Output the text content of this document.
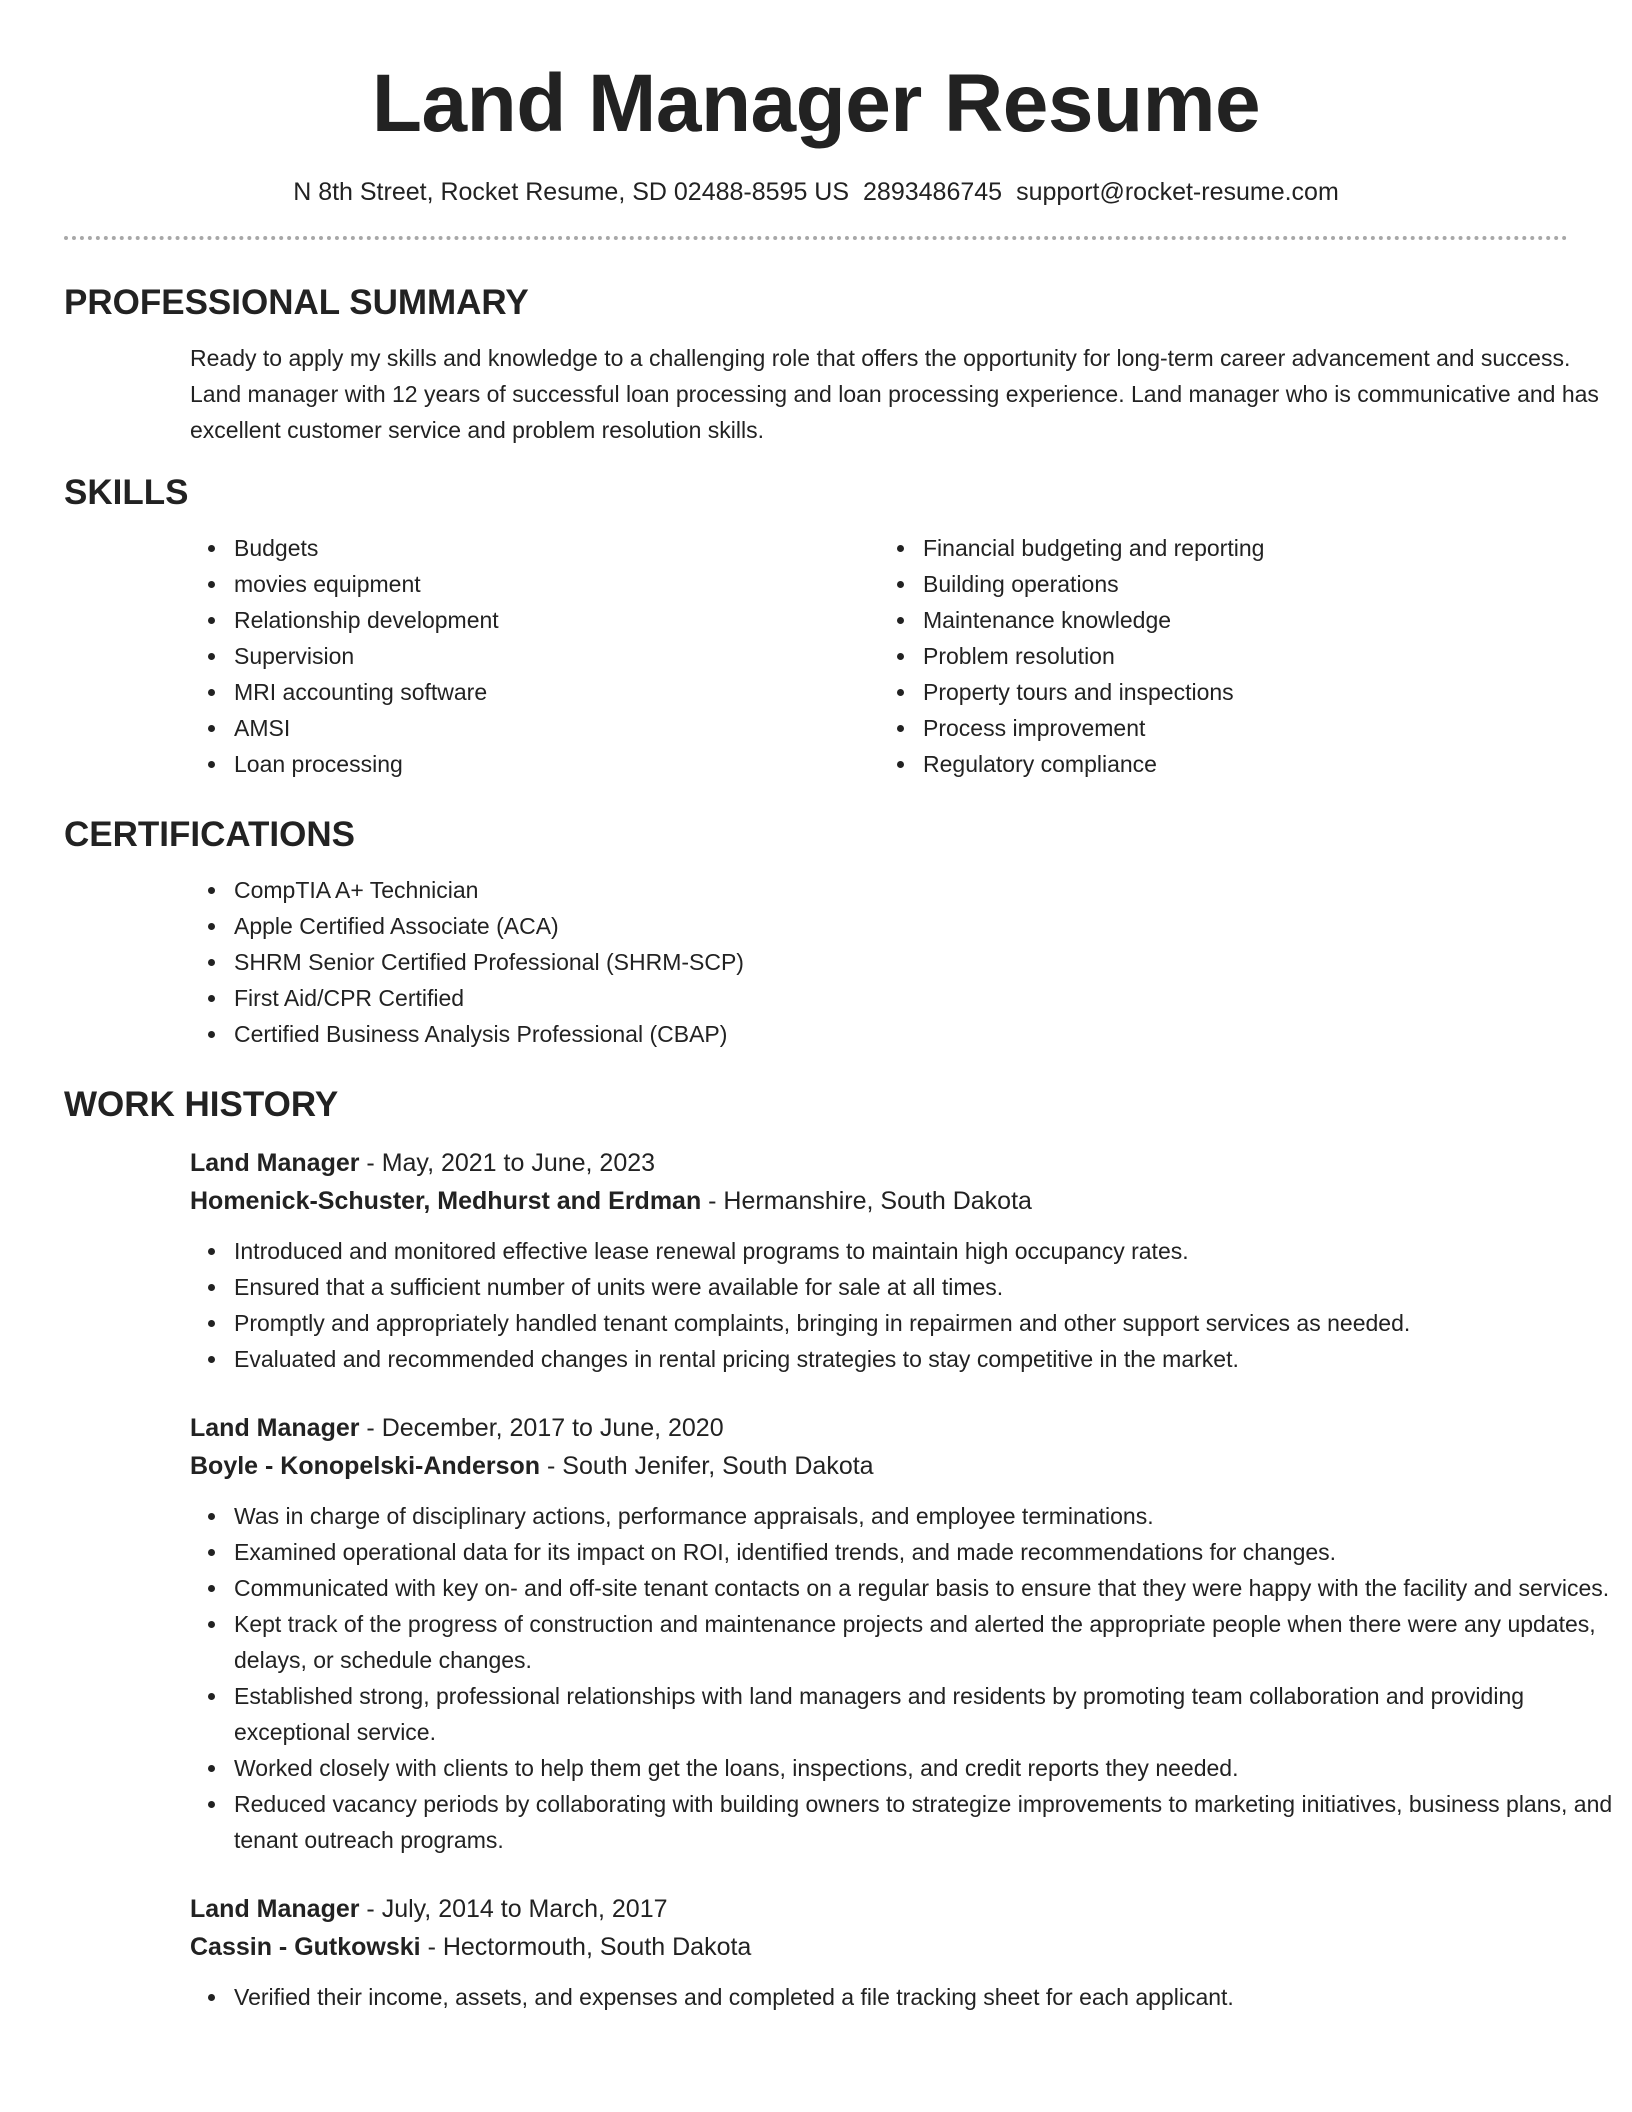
Land Manager Resume
N 8th Street, Rocket Resume, SD 02488-8595 US 2893486745 support@rocket-resume.com
PROFESSIONAL SUMMARY

Ready to apply my skills and knowledge to a challenging role that offers the opportunity for long-term career advancement and success. Land manager with 12 years of successful loan processing and loan processing experience. Land manager who is communicative and has excellent customer service and problem resolution skills.

SKILLS
Budgets
movies equipment
Relationship development
Supervision
MRI accounting software
AMSI
Loan processing
Financial budgeting and reporting
Building operations
Maintenance knowledge
Problem resolution
Property tours and inspections
Process improvement
Regulatory compliance
CERTIFICATIONS
CompTIA A+ Technician
Apple Certified Associate (ACA)
SHRM Senior Certified Professional (SHRM-SCP)
First Aid/CPR Certified
Certified Business Analysis Professional (CBAP)
WORK HISTORY
Land Manager - May, 2021 to June, 2023
Homenick-Schuster, Medhurst and Erdman - Hermanshire, South Dakota
Introduced and monitored effective lease renewal programs to maintain high occupancy rates.
Ensured that a sufficient number of units were available for sale at all times.
Promptly and appropriately handled tenant complaints, bringing in repairmen and other support services as needed.
Evaluated and recommended changes in rental pricing strategies to stay competitive in the market.
Land Manager - December, 2017 to June, 2020
Boyle - Konopelski-Anderson - South Jenifer, South Dakota
Was in charge of disciplinary actions, performance appraisals, and employee terminations.
Examined operational data for its impact on ROI, identified trends, and made recommendations for changes.
Communicated with key on- and off-site tenant contacts on a regular basis to ensure that they were happy with the facility and services.
Kept track of the progress of construction and maintenance projects and alerted the appropriate people when there were any updates, delays, or schedule changes.
Established strong, professional relationships with land managers and residents by promoting team collaboration and providing exceptional service.
Worked closely with clients to help them get the loans, inspections, and credit reports they needed.
Reduced vacancy periods by collaborating with building owners to strategize improvements to marketing initiatives, business plans, and tenant outreach programs.
Land Manager - July, 2014 to March, 2017
Cassin - Gutkowski - Hectormouth, South Dakota
Verified their income, assets, and expenses and completed a file tracking sheet for each applicant.
